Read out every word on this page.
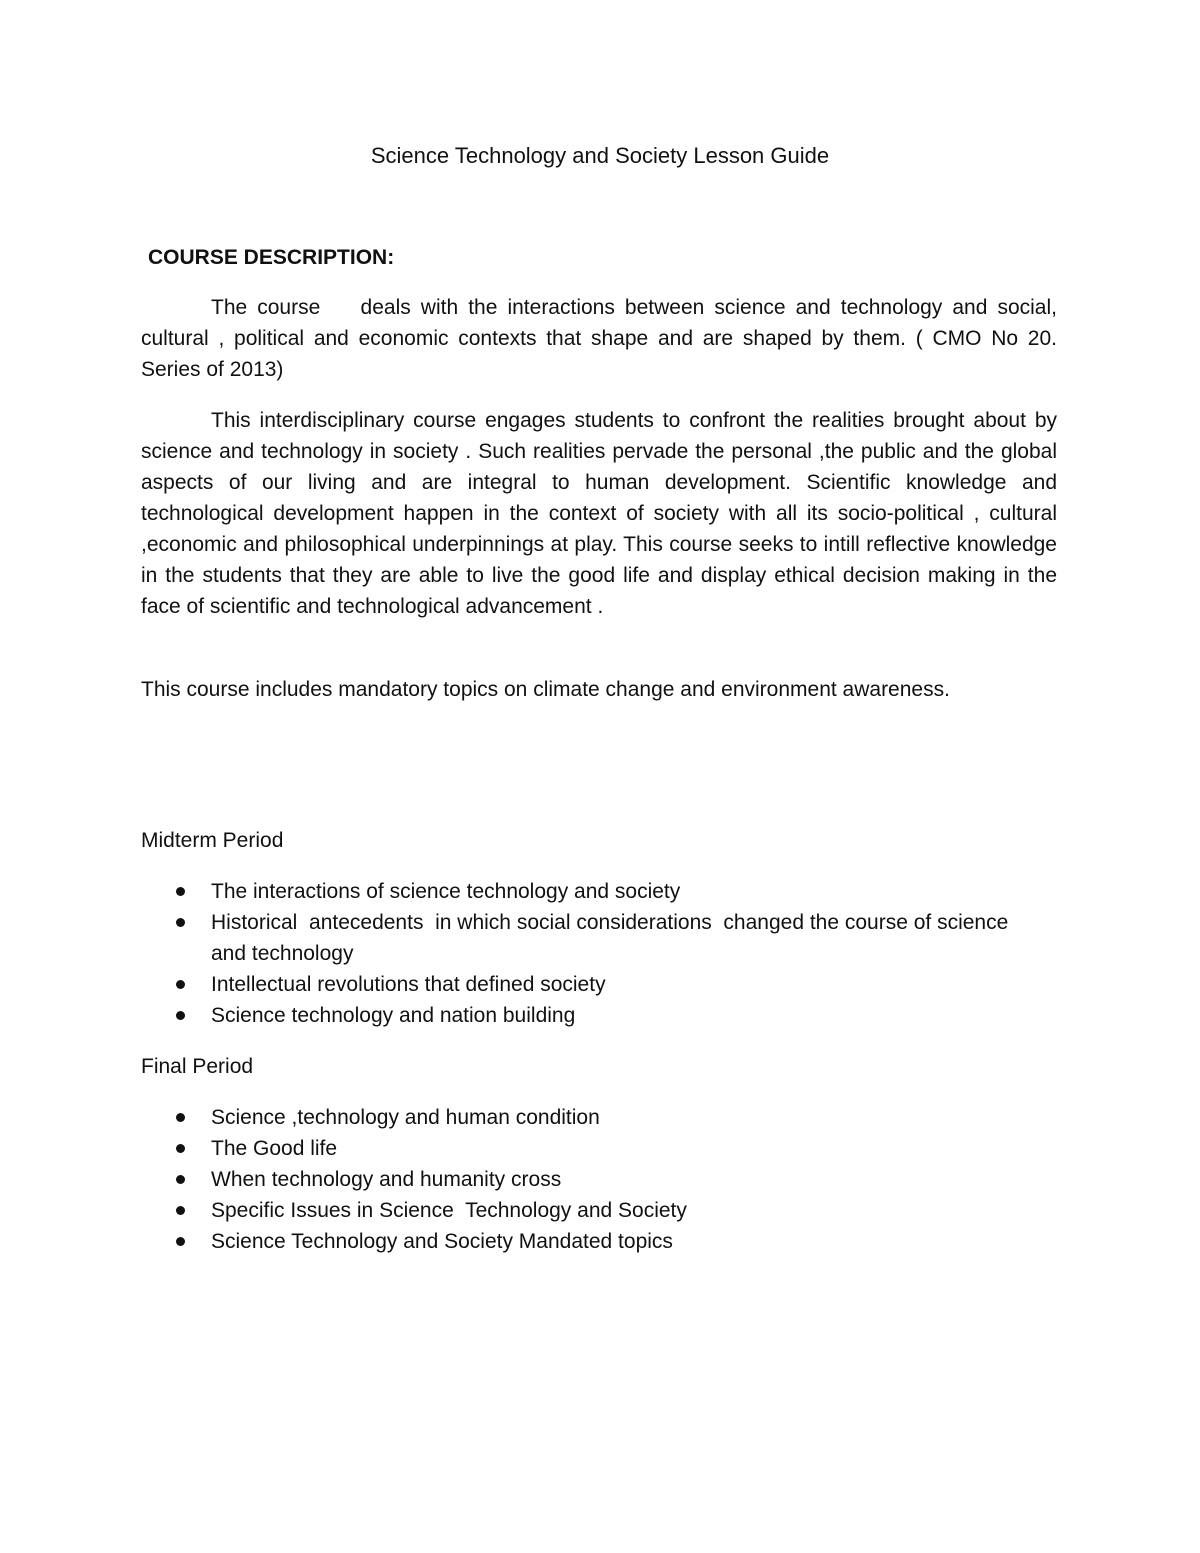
Science Technology and Society Lesson Guide
COURSE DESCRIPTION:

The course    deals with the interactions between science and technology and social, cultural , political and economic contexts that shape and are shaped by them. ( CMO No 20. Series of 2013)

This interdisciplinary course engages students to confront the realities brought about by science and technology in society . Such realities pervade the personal ,the public and the global aspects of our living and are integral to human development. Scientific knowledge and technological development happen in the context of society with all its socio-political , cultural ,economic and philosophical underpinnings at play. This course seeks to intill reflective knowledge in the students that they are able to live the good life and display ethical decision making in the face of scientific and technological advancement .

This course includes mandatory topics on climate change and environment awareness.

Midterm Period
The interactions of science technology and society
Historical  antecedents  in which social considerations  changed the course of science and technology
Intellectual revolutions that defined society
Science technology and nation building
Final Period
Science ,technology and human condition
The Good life
When technology and humanity cross
Specific Issues in Science  Technology and Society
Science Technology and Society Mandated topics
